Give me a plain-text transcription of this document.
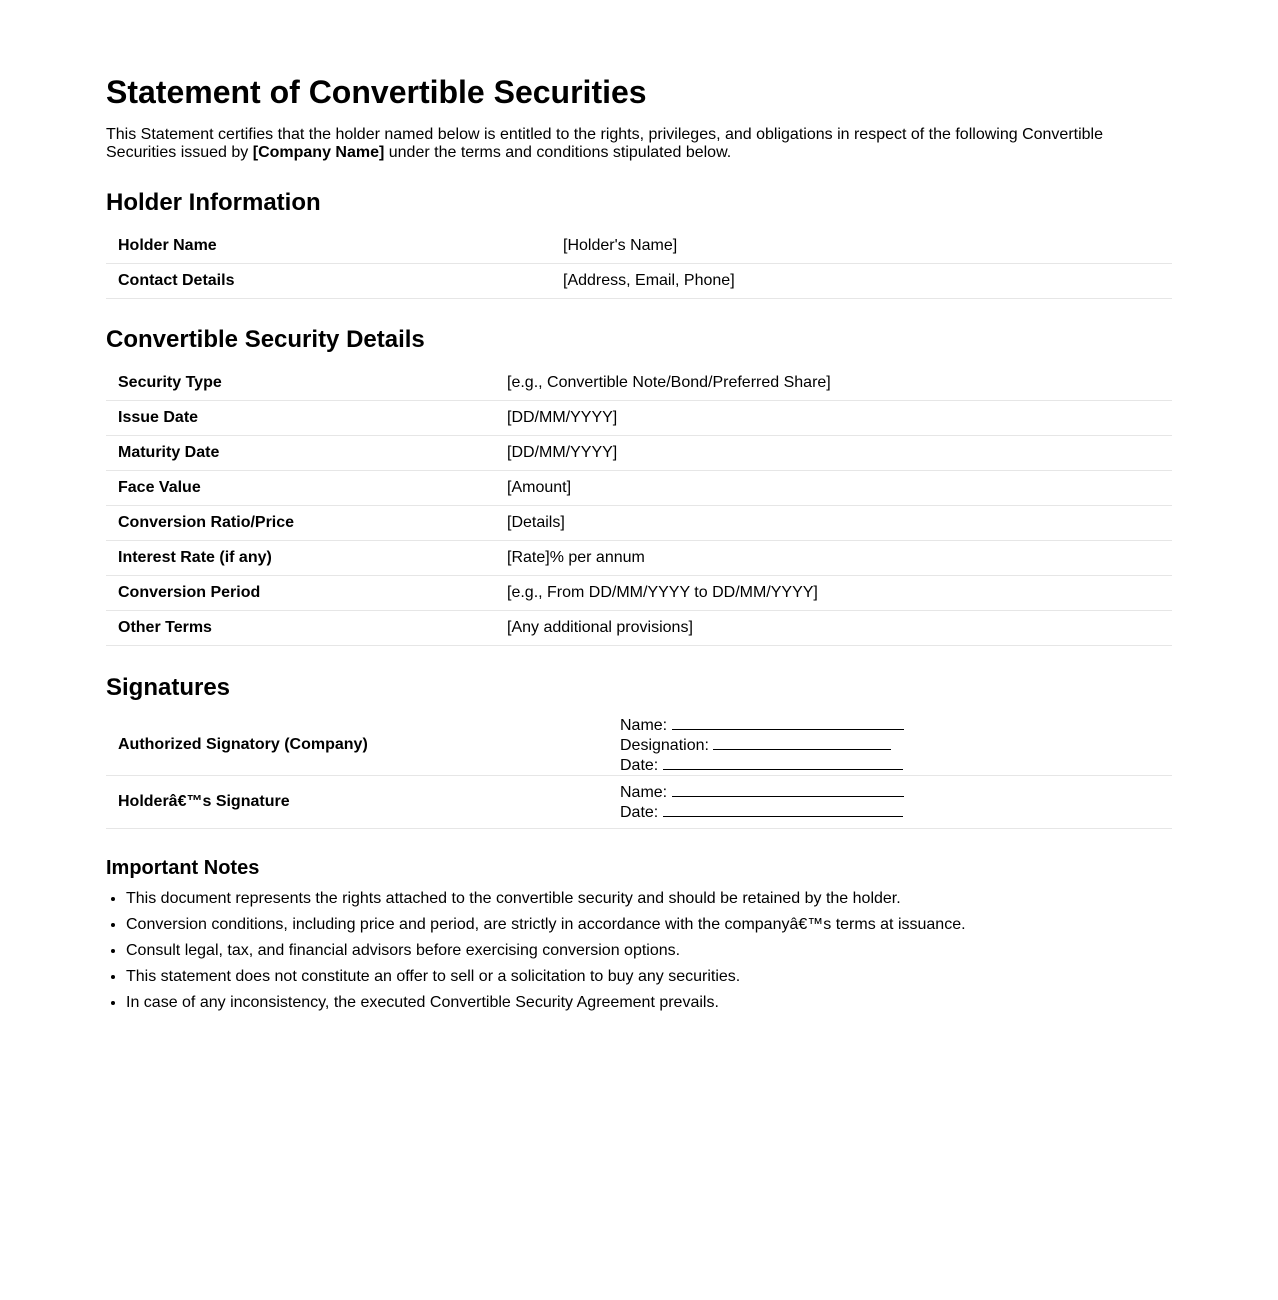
Statement of Convertible Securities

This Statement certifies that the holder named below is entitled to the rights, privileges, and obligations in respect of the following Convertible Securities issued by [Company Name] under the terms and conditions stipulated below.

Holder Information
Holder Name	[Holder's Name]
Contact Details	[Address, Email, Phone]
Convertible Security Details
Security Type	[e.g., Convertible Note/Bond/Preferred Share]
Issue Date	[DD/MM/YYYY]
Maturity Date	[DD/MM/YYYY]
Face Value	[Amount]
Conversion Ratio/Price	[Details]
Interest Rate (if any)	[Rate]% per annum
Conversion Period	[e.g., From DD/MM/YYYY to DD/MM/YYYY]
Other Terms	[Any additional provisions]
Signatures
Authorized Signatory (Company)	Name:
Designation:
Date:

Holderâ€™s Signature	Name:
Date:
Important Notes
• This document represents the rights attached to the convertible security and should be retained by the holder.
• Conversion conditions, including price and period, are strictly in accordance with the companyâ€™s terms at issuance.
• Consult legal, tax, and financial advisors before exercising conversion options.
• This statement does not constitute an offer to sell or a solicitation to buy any securities.
• In case of any inconsistency, the executed Convertible Security Agreement prevails.
